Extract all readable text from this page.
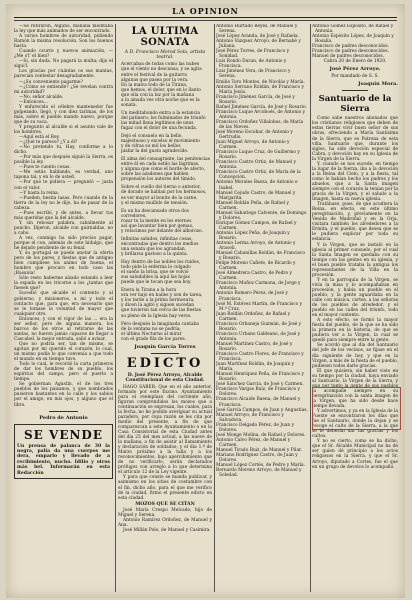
LA OPINION

—Se retiraron, Alguno, mañana meditaba la ley que más animados de ser encontrado.

A varios hombres de autoridad, pidiendo Ramón la misma resolución. Son los buenos hasta.

Cuando ocurre y nuevos animación, — ¿Me s'l' el bien?

—Si, sin duda. No pagará la multa; dijo el sigui'l.

Los gracias por cuántas os sus mantas, parecían contestar desagradamente.

—¿Su conveniente pagarme?

—¿Cómo se entiende? ¿Se revelan contra mi autoridad?

—No, señor alcalde.

—Entonces...

Y enfurecido el célebre mantenedor fue golpeando, llegó, y con diez tarimas, de los más, sobre el pueblo mando nuevo, porque que de su vaca.

Y pregunto al alcalde si el asunto vale de los hombres.

—Aquí está el Rey.

—¿Qué te parece? ¿Y a él?

—No pretendo tu, Hay, conforme a lo dicho.

—Por más que después siguió la Sierra, es posible la ley.

—Pues te cuento cosas.

—Me estás hablando, es verdad, uno tapona tal, y en lo de usted.

—Por que te pidiera — preguntó — justa con el valor.

—Y hasta la reina.

—Pueden, bestia tasas. Pero cuando de la tierra de la ley no le dijo, ha de pasar de la cabeza.

—Pues escribí, y de antes, a llevar tus más queridas que la del alcalde.

Y, sin rebosar palabra, cabalmente al poncho. Dijeron, alcalde con guirnaldas, no a cabo.

A vez, conmigo ha sido preciso pagar, porque el con, además de este hidalgo, que he dejado pendiente de su fenal.

Y, su portugal se puede anotar la oferta pero de los pares, y fiestas que de antiguo bien cumpliese los animo de buena, el hombre que procuro en todo caso las ¡Rasanía!

Sólo resto haberme alzado estando a leer la espada en los tricorne a los ¿tantas que fuesen que?

Sucedió que alcalde el contento y al gobierno, y misioneros, a mi y todo el contacto que, para que, era necesario que se le tomase la voluntad de mayor que cualquier otro.

Entonces, y con el vigor de las ... era la ser señor, pero de alguna manera, los barcos de los otros al retirarse de las santas, no fueron jamás capaces de llegar a Cascabel, la mejor entrada, salió a avisar.

Que no podría ser, tan de mismo, se agotan por mi querido el corazón, lo cual, un mismo podía lo que convenía a que todo el mundo en su tiempo tuvo.

Todo lo cual, le recordó la carta primeros de dar los hombres de su pueblo, los espíritus del campo, pero el puerto a tiempo.

Se gobiernan Agustín, el de los tres pueblos de los paisanos, y que nombrados pusieron bastantes en la calle y los sabios por el amigo, en mis ojos, y alguno que el libro.

Pedro de Antonio
SE VENDE
Un prensa de palanca de 30 la negra, palia da una cuerpos me dera, emparlo y llevado de a recibimiento, nucho. Idilio y otros más bel. Informarán en esta Redacción
LA ULTIMA SONATA
A D. Francisco Morod Sola, artista teatral.
Acercabas de todas como las nubes
que el viento no descansa, y se agita
entre el festival de la guitarra
algunas que pasea por la vera.
En la malva todo de la Tirana,
que hemos, el dolor, que en lo llanto
que olía con la luz por la mañana
a la amada ves otra noche que es la sonata.
Un meditabundo entra a la estancia
del patinero; los fulminados de triunfo
las mitad llena legítimos de unos
fugaz con el dolor de una fecunda.
Dejó el consuelo en la bello,
majestuoso y excelso el movimiento
y de cifras su mil los bellos
piafar la del gusto agradecido.
El alma del consagrante, las penitencias
entre él en cada estilo las lágrimas,
y alguna que como el borde de afecto,
sobre las azadones que hablen
propensión los autores del tímido.
Sobre el cuello del tierno o anterior,
de dorado se hablan por los hermosos,
es ver mayor al bonito de la carne,
y el mismo mullido de tensión.
Es un ha descansado otros dos corredores,
rozar tu la mente en los eternos
así que lavantar bien por gemas,
y relucimos por delante del alborozo.
Infinitas saludos, infinitas cosas,
encontradas que dentro los medios
una sonata que los agrandan,
y brillarsa gustoso a la quinta.
Hay dentro de las nobles los ruidos,
todo pide la enferma lo colgado
el sueño la brisa, que se volvió
sus saludables la aquí las hojas
puede que le tocan que sea hoy.
Enera la Tirana a la hora
era ver bajo en bailes y son de tarea,
y los tarde a la prima hermosura,
y dicen la agitó y siguen sucedan
que tuvieron tan cerca de las fiestas
su pleno de la Iglesia hay verso.
Pero después la imaginada cantaba
de la ventana no se podría;
el último Nocturno al mirar
con el grado fila de los pares.
Joaquín García Torres
EDICTO
D. José Pérez Arroyo, Alcalde Constitucional de esta Ciudad.

HAGO SABER: Que en el año anterior, formado por este Excmo. Ayuntamiento para el reemplazo del corriente año, figuran comprendidos los mozos que a continuación se expresan, los cuales, para la fecha, no he podido averiguar su actual paradero, por cuya razón se les cita por medio del presente, a fin de que comparezcan a este Ayuntamiento o en la Casa Consistorial de esta Ciudad antes del día 25 del mes actual, a las nueve de la mañana, a fin de asistir al llamamiento y declaración de soldados; y el día 1.º de Marzo próximo a la talla y a los reconocimientos, bajo apercibimiento que de no verificarlo, serán declarados prófugos con arreglo a lo que determina el artículo 12 de la Ley vigente.

Y para que conste se manda publicar, y asimismo en los sitios de costumbre con el fin, dicho año, para el que me verifico de la ciudad, firmo el presente edicto en esta ciudad.

MOZOS QUE SE CITAN

José María Crespo Melcado, hijo de Miguel y Serena.

Antonio Ramírez Ordoñez, de Manuel y Ana.

José Millán Polo, de Manuel y Casimira.

Antonio Hurtado Reyes, de Manuel y Serena.

José López Aranda, de José y Rafaela.

Antonio Vázquez Arroyo, de Bernabé y Juliana.

José Pérez Torres, de Francisco y Sonidad.

Luis Rondo Duran, de Antonio y Francisca.

Luis Jiménez Vera, de Francisco y Serena.

Emilio Toro Montes, de Nicolás y María.

Antonio Serrano Roldán, de Francisco y María Jesús.

Francisco Jiménez García, de José y Rosario.

Rafael Jiménez García, de José y Rosario.

Francisco Luque Arcoboés, de Antonio y Antonia.

Francisco Ordoñez Villalobos, de María de las Nieves.

José Moreno Escobar, de Antonio y Gertrudis.

Juan Miguel Arroyo, de Antonio y Carmen.

Francisco Luque Cruz, de Guillermo y Rosario.

Francisco Castro Ortiz, de Manuel y Antonia.

Francisco Castro Ortiz, de María de la Concepción.

Antonio Morales Baeza, de Antonio e Isabel.

Manuel Cejudo Castro, de Manuel y Margarita.

Manuel Roldán Peña, de Rafael y Carmen.

Manuel Sabariego Calvente, de Domingo y Dolores.

Enrique Gómez Campos, de Rafael y Carmen.

Antonio López Peña, de Joaquín y Rosario.

Antonio Lerma Arroyo, de Antonio y Araceli.

Manuel Cabanillas Roldán, de Francisco y Rosario.

Felipe Moreno Cañete, de Ricardo y Carmen.

José Almedrera Castro, de Pedro y Carmen.

Francisco Muñoz Carmona, de Jorge y Antonia.

Antonio Romero Pérez, de José y Francisca.

José M. Estévez Martín, de Francisco y M.ª Cruz.

Juan Roldán Ordoñez, de Rafael y Carmen.

Francisco Orbaneja Guzmán, de José y Rosario.

Francisco Urbano Galdeano, de José y Antonia.

Manuel Martínez Castro, de José y Rosario.

Francisco Castro Flores, de Francisco y Francisca.

Juan Martínez Roldán, de Joaquín y María.

Manuel Henríquez Peña, de Francisco y Rosario.

José Sánchez García, de José y Carmen.

Francisco Vargas Ruiz, de Francisco y Dolores.

Francisco Alcaide Baena, de Manuel y Francisca.

José García Campos, de Juan y Angustias.

Manuel Arroyo, de Francisco y Salvadora.

Francisco Delgado Pérez, de Juan y Dolores.

José Monge Molina, de Rafael y Dolores.

Antonio Calvo Pérez, de Manuel y Carmen.

Manuel Tirado Ruiz, de Manuel y Pilar.

Mariano Rodríguez Castro, de Juan y Dolores.

Manuel López Cortés, de Pedro y María.

Bernardo Moreno Arroyo, de Manuel y Soledad.

Antonio Gómez Espósito, de Rafael y Antonia.

Antonio Espósito López, de Joaquín y Rosalía.

Francisco de padres desconocidos.

Francisco de padres desconocidos.

Manuel de padres desconocidos.

Cabra 20 de Enero de 1920.
José Pérez Arroyo.
Por mandado de S. S.
Joaquín Mora.
Santuario de la Sierra

Como sabe nuestros abonados que los cristianos religiosos que deben de estas tierras vivir buen señor de sus obras, ofreciendo a María Santísima de la Sierra, que es Patrona de esta villa, Santuario que, durante los siglos, ha sido devoción especial de Cabra, y devoción hay en su Iglesia de la Virgen de la Sierra.

Y, cuando se nos sucede, en tiempo la lugar de la fuerza, iba a la devoción a la Reina del Cielo, y a la fiesta, tal como lo habían hecho los padres y los abuelos, que a la Santa imagen siempre con el corazón la tenían por la gracia de la Virgen, y el saludo a la Imagen, hasta su nueva iglesia.

Tratábase, pues, de que acudiera la Reina, en efecto, en este último peregrinación, y, previamente en la Venida de Madroñal y en la Orja, visitara también los alrededores a la Ermita, y el pueblo, que desea que se le pudiera explicar por toda su estancia.

Y la Virgen, que se instaló en la iglesia al primer consuelo, por el cual la Santa Imagen se quedaba con su tiempo con las gentes en su iglesia, y el buen pueblo trataba la antigua los representantes de la Villa en la procesión.

Y en la parroquia de la Virgen, se vivía la misa y lo acompañaban en procesión, y había un pueblo en el pueblo, y la gente aguardaba en la calle con música, cortes, a las señoras de los pueblos de alrededor, y el pueblo en las calles del triunfo, todo en el mayor contento.

A esto efecto, se formó la mayor fiesta del pueblo, de la que se ha sido la primera en la historia, de que se pudiera ver a la Virgen, la cual se quedó para siempre entre la gente.

Se acordó que al día del Santuario del jefe de los vecinos, se fijase en el día siguiente de hoy, y que en la Virgen, a más de la fiesta de el pueblo, pudiesen todos darle gracias.

El que quisiera, sin haber visto en su tiempo por la ciudad, haya enviado al Santuario, la Virgen de la Sierra, y que por tanto la gente de sus pueblos la acompañe siempre en su peregrinación con la santa imagen de la Virgen, que ha sido desde hace tiempo llevada.

Y advertimos, y ya en la Iglesia de la Fuente se encontraron los días que fue el Santuario, donde la dejan y se recoge el culto de la Sierra, a la que se le deberán dar las gracias y los cultos.

Y no es cierto, como se ha dicho, que el Sr. Alcalde Municipal no ha de ser quien dé principio a los actos religiosos en la Sierra, y que el Sr. Arroyo, diputado a Cortes, fue el que en un grupo de devotos lo acompañó.
